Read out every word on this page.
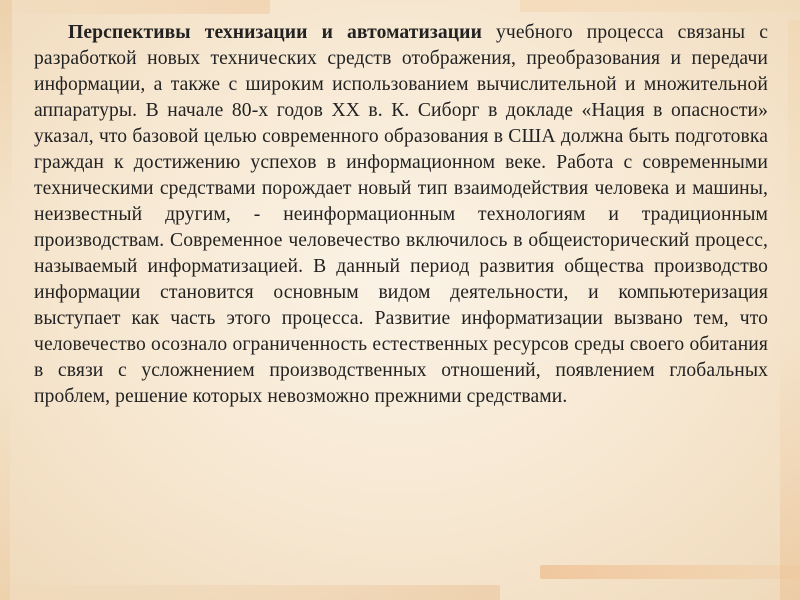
Перспективы технизации и автоматизации учебного процесса связаны с разработкой новых технических средств отображения, преобразования и передачи информации, а также с широким использованием вычислительной и множительной аппаратуры. В начале 80-х годов XX в. К. Сиборг в докладе «Нация в опасности» указал, что базовой целью современного образования в США должна быть подготовка граждан к достижению успехов в информационном веке. Работа с современными техническими средствами порождает новый тип взаимодействия человека и машины, неизвестный другим, - неинформационным технологиям и традиционным производствам. Современное человечество включилось в общеисторический процесс, называемый информатизацией. В данный период развития общества производство информации становится основным видом деятельности, и компьютеризация выступает как часть этого процесса. Развитие информатизации вызвано тем, что человечество осознало ограниченность естественных ресурсов среды своего обитания в связи с усложнением производственных отношений, появлением глобальных проблем, решение которых невозможно прежними средствами.
